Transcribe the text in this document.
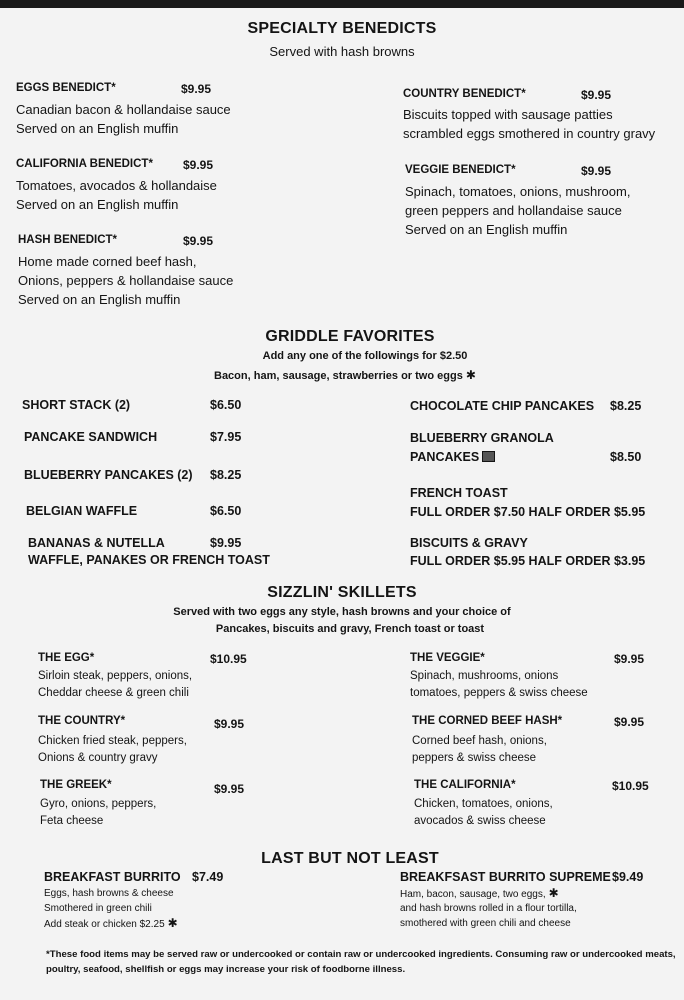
SPECIALTY BENEDICTS
Served with hash browns
EGGS BENEDICT*	$9.95
Canadian bacon & hollandaise sauce
Served on an English muffin
CALIFORNIA BENEDICT*	$9.95
Tomatoes, avocados & hollandaise
Served on an English muffin
HASH BENEDICT*	$9.95
Home made corned beef hash,
Onions, peppers & hollandaise sauce
Served on an English muffin
COUNTRY BENEDICT*	$9.95
Biscuits topped with sausage patties
scrambled eggs smothered in country gravy
VEGGIE BENEDICT*	$9.95
Spinach, tomatoes, onions, mushroom,
green peppers and hollandaise sauce
Served on an English muffin
GRIDDLE FAVORITES
Add any one of the followings for $2.50
Bacon, ham, sausage, strawberries or two eggs ✱
SHORT STACK (2)	$6.50
PANCAKE SANDWICH	$7.95
BLUEBERRY PANCAKES (2) $8.25
BELGIAN WAFFLE	$6.50
BANANAS & NUTELLA	$9.95
WAFFLE, PANAKES OR FRENCH TOAST
CHOCOLATE CHIP PANCAKES $8.25
BLUEBERRY GRANOLA
PANCAKES	$8.50
FRENCH TOAST
FULL ORDER $7.50 HALF ORDER $5.95
BISCUITS & GRAVY
FULL ORDER $5.95 HALF ORDER $3.95
SIZZLIN' SKILLETS
Served with two eggs any style, hash browns and your choice of
Pancakes, biscuits and gravy, French toast or toast
THE EGG*	$10.95
Sirloin steak, peppers, onions,
Cheddar cheese & green chili
THE COUNTRY*	$9.95
Chicken fried steak, peppers,
Onions & country gravy
THE GREEK*	$9.95
Gyro, onions, peppers,
Feta cheese
THE VEGGIE*	$9.95
Spinach, mushrooms, onions
tomatoes, peppers & swiss cheese
THE CORNED BEEF HASH*	$9.95
Corned beef hash, onions,
peppers & swiss cheese
THE CALIFORNIA*	$10.95
Chicken, tomatoes, onions,
avocados & swiss cheese
LAST BUT NOT LEAST
BREAKFAST BURRITO $7.49
Eggs, hash browns & cheese
Smothered in green chili
Add steak or chicken $2.25 ✱
BREAKFSAST BURRITO SUPREME $9.49
Ham, bacon, sausage, two eggs, ✱
and hash browns rolled in a flour tortilla,
smothered with green chili and cheese
*These food items may be served raw or undercooked or contain raw or undercooked ingredients. Consuming raw or undercooked meats, poultry, seafood, shellfish or eggs may increase your risk of foodborne illness.
